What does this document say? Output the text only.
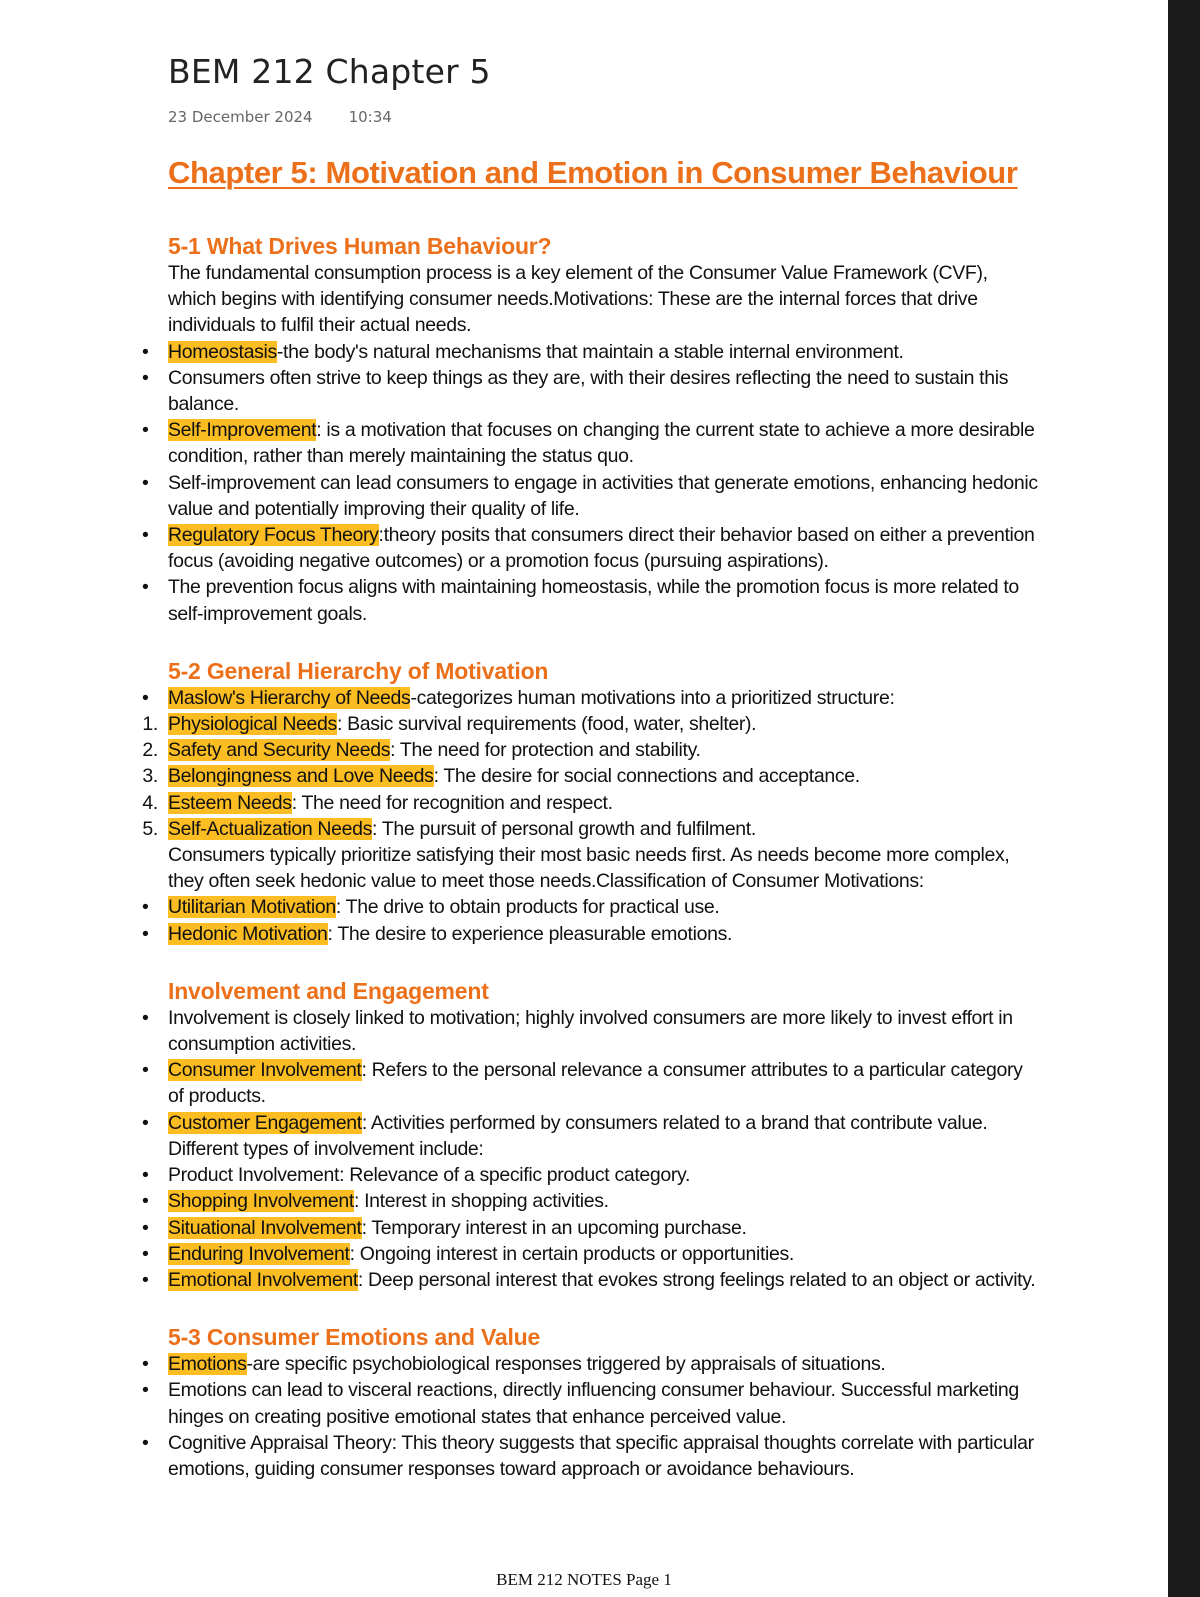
BEM 212 Chapter 5
23 December 2024 10:34
Chapter 5: Motivation and Emotion in Consumer Behaviour
5-1 What Drives Human Behaviour?

The fundamental consumption process is a key element of the Consumer Value Framework (CVF), which begins with identifying consumer needs.Motivations: These are the internal forces that drive individuals to fulfil their actual needs.

• Homeostasis-the body's natural mechanisms that maintain a stable internal environment.
• Consumers often strive to keep things as they are, with their desires reflecting the need to sustain this balance.
• Self-Improvement: is a motivation that focuses on changing the current state to achieve a more desirable condition, rather than merely maintaining the status quo.
• Self-improvement can lead consumers to engage in activities that generate emotions, enhancing hedonic value and potentially improving their quality of life.
• Regulatory Focus Theory:theory posits that consumers direct their behavior based on either a prevention focus (avoiding negative outcomes) or a promotion focus (pursuing aspirations).
• The prevention focus aligns with maintaining homeostasis, while the promotion focus is more related to self-improvement goals.
5-2 General Hierarchy of Motivation
• Maslow's Hierarchy of Needs-categorizes human motivations into a prioritized structure:
1. Physiological Needs: Basic survival requirements (food, water, shelter).
2. Safety and Security Needs: The need for protection and stability.
3. Belongingness and Love Needs: The desire for social connections and acceptance.
4. Esteem Needs: The need for recognition and respect.
5. Self-Actualization Needs: The pursuit of personal growth and fulfilment.

Consumers typically prioritize satisfying their most basic needs first. As needs become more complex, they often seek hedonic value to meet those needs.Classification of Consumer Motivations:

• Utilitarian Motivation: The drive to obtain products for practical use.
• Hedonic Motivation: The desire to experience pleasurable emotions.
Involvement and Engagement
• Involvement is closely linked to motivation; highly involved consumers are more likely to invest effort in consumption activities.
• Consumer Involvement: Refers to the personal relevance a consumer attributes to a particular category of products.
• Customer Engagement: Activities performed by consumers related to a brand that contribute value. Different types of involvement include:
• Product Involvement: Relevance of a specific product category.
• Shopping Involvement: Interest in shopping activities.
• Situational Involvement: Temporary interest in an upcoming purchase.
• Enduring Involvement: Ongoing interest in certain products or opportunities.
• Emotional Involvement: Deep personal interest that evokes strong feelings related to an object or activity.
5-3 Consumer Emotions and Value
• Emotions-are specific psychobiological responses triggered by appraisals of situations.
• Emotions can lead to visceral reactions, directly influencing consumer behaviour. Successful marketing hinges on creating positive emotional states that enhance perceived value.
• Cognitive Appraisal Theory: This theory suggests that specific appraisal thoughts correlate with particular emotions, guiding consumer responses toward approach or avoidance behaviours.
BEM 212 NOTES Page 1
